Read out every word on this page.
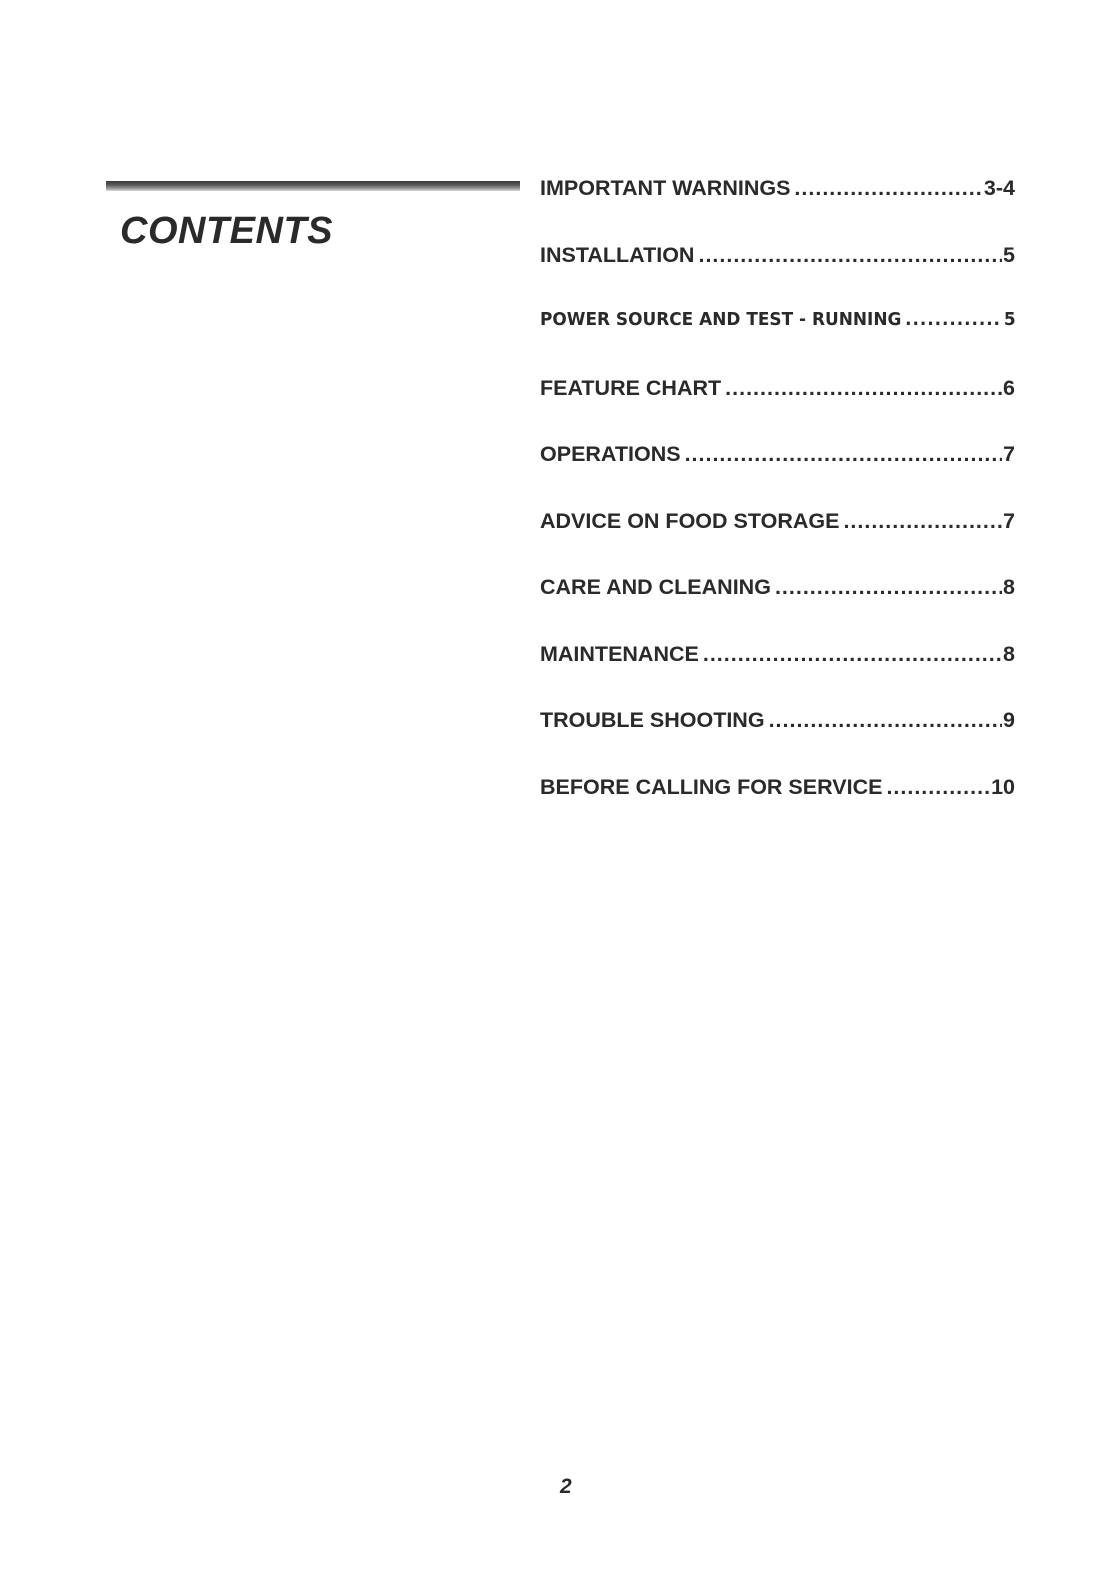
CONTENTS
IMPORTANT WARNINGS .....	3-4
INSTALLATION .....	5
POWER SOURCE AND TEST - RUNNING .....	5
FEATURE CHART .....	6
OPERATIONS .....	7
ADVICE ON FOOD STORAGE .....	7
CARE AND CLEANING .....	8
MAINTENANCE .....	8
TROUBLE SHOOTING .....	9
BEFORE CALLING FOR SERVICE .....	10
2
